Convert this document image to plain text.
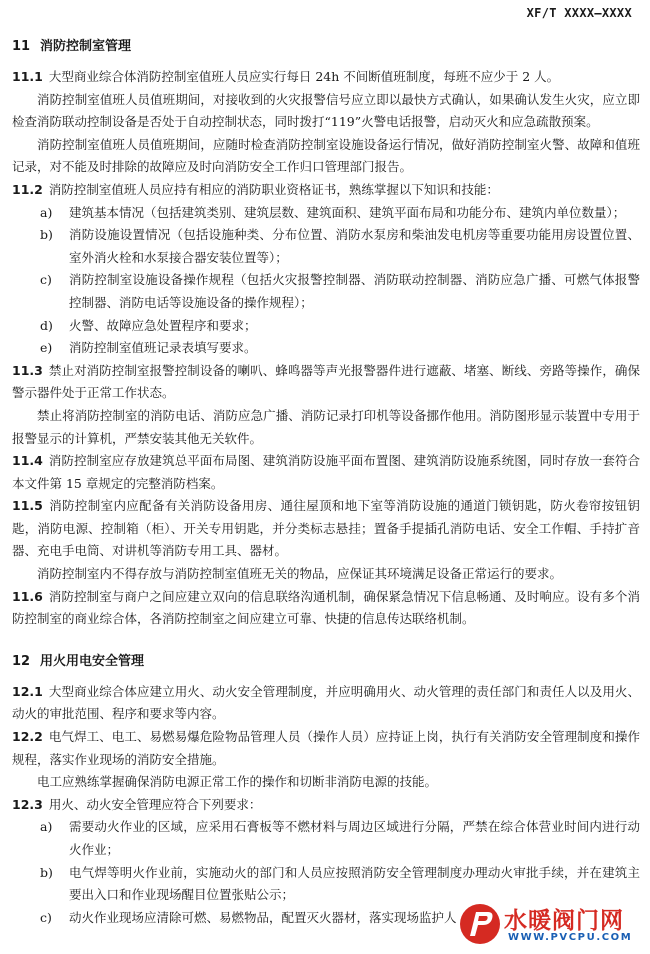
XF/T XXXX—XXXX
11 消防控制室管理

11.1 大型商业综合体消防控制室值班人员应实行每日 24h 不间断值班制度，每班不应少于 2 人。

消防控制室值班人员值班期间，对接收到的火灾报警信号应立即以最快方式确认，如果确认发生火灾，应立即检查消防联动控制设备是否处于自动控制状态，同时拨打“119”火警电话报警，启动灭火和应急疏散预案。

消防控制室值班人员值班期间，应随时检查消防控制室设施设备运行情况，做好消防控制室火警、故障和值班记录，对不能及时排除的故障应及时向消防安全工作归口管理部门报告。

11.2 消防控制室值班人员应持有相应的消防职业资格证书，熟练掌握以下知识和技能：

a) 建筑基本情况（包括建筑类别、建筑层数、建筑面积、建筑平面布局和功能分布、建筑内单位数量）；
b) 消防设施设置情况（包括设施种类、分布位置、消防水泵房和柴油发电机房等重要功能用房设置位置、室外消火栓和水泵接合器安装位置等）；
c) 消防控制室设施设备操作规程（包括火灾报警控制器、消防联动控制器、消防应急广播、可燃气体报警控制器、消防电话等设施设备的操作规程）；
d) 火警、故障应急处置程序和要求；
e) 消防控制室值班记录表填写要求。

11.3 禁止对消防控制室报警控制设备的喇叭、蜂鸣器等声光报警器件进行遮蔽、堵塞、断线、旁路等操作，确保警示器件处于正常工作状态。

禁止将消防控制室的消防电话、消防应急广播、消防记录打印机等设备挪作他用。消防图形显示装置中专用于报警显示的计算机，严禁安装其他无关软件。

11.4 消防控制室应存放建筑总平面布局图、建筑消防设施平面布置图、建筑消防设施系统图，同时存放一套符合本文件第 15 章规定的完整消防档案。

11.5 消防控制室内应配备有关消防设备用房、通往屋顶和地下室等消防设施的通道门锁钥匙，防火卷帘按钮钥匙，消防电源、控制箱（柜）、开关专用钥匙，并分类标志悬挂；置备手提插孔消防电话、安全工作帽、手持扩音器、充电手电筒、对讲机等消防专用工具、器材。

消防控制室内不得存放与消防控制室值班无关的物品，应保证其环境满足设备正常运行的要求。

11.6 消防控制室与商户之间应建立双向的信息联络沟通机制，确保紧急情况下信息畅通、及时响应。设有多个消防控制室的商业综合体，各消防控制室之间应建立可靠、快捷的信息传达联络机制。

12 用火用电安全管理

12.1 大型商业综合体应建立用火、动火安全管理制度，并应明确用火、动火管理的责任部门和责任人以及用火、动火的审批范围、程序和要求等内容。

12.2 电气焊工、电工、易燃易爆危险物品管理人员（操作人员）应持证上岗，执行有关消防安全管理制度和操作规程，落实作业现场的消防安全措施。

电工应熟练掌握确保消防电源正常工作的操作和切断非消防电源的技能。

12.3 用火、动火安全管理应符合下列要求：

a) 需要动火作业的区域，应采用石膏板等不燃材料与周边区域进行分隔，严禁在综合体营业时间内进行动火作业；
b) 电气焊等明火作业前，实施动火的部门和人员应按照消防安全管理制度办理动火审批手续，并在建筑主要出入口和作业现场醒目位置张贴公示；
c) 动火作业现场应清除可燃、易燃物品，配置灭火器材，落实现场监护人	水暖阀门网
WWW.PVCPU.COM
